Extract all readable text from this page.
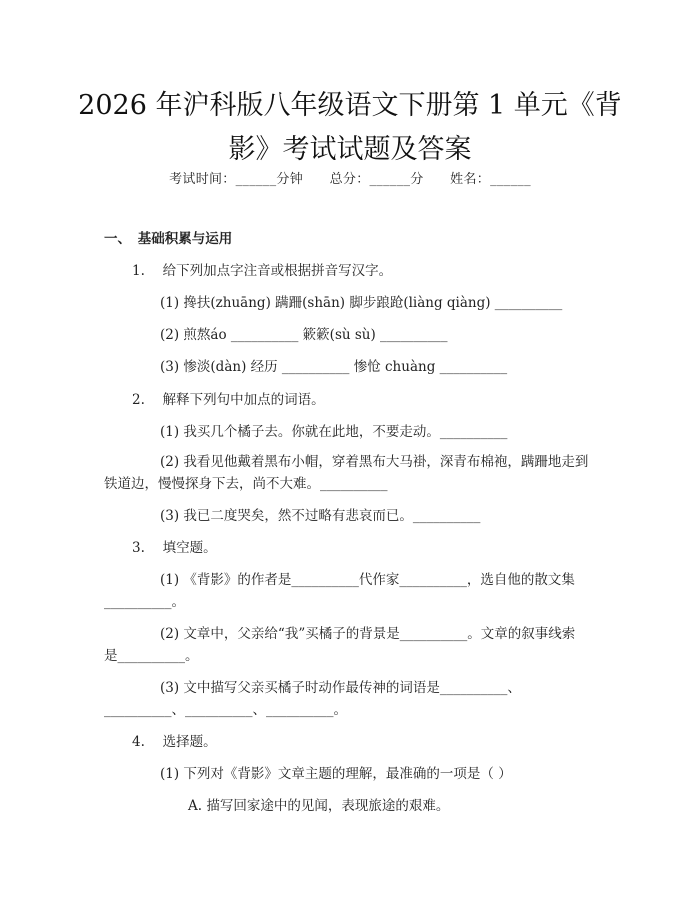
2026 年沪科版八年级语文下册第 1 单元《背
影》考试试题及答案
考试时间：______分钟      总分：______分      姓名：______
一、　基础积累与运用
1.　 给下列加点字注音或根据拼音写汉字。
(1) 搀扶(zhuāng) 蹒跚(shān) 脚步踉跄(liàng qiàng) __________
(2) 煎熬áo __________ 簌簌(sù sù) __________
(3) 惨淡(dàn) 经历 __________ 惨怆 chuàng __________
2.　 解释下列句中加点的词语。
(1) 我买几个橘子去。你就在此地，不要走动。__________
(2) 我看见他戴着黑布小帽，穿着黑布大马褂，深青布棉袍，蹒跚地走到
铁道边，慢慢探身下去，尚不大难。__________
(3) 我已二度哭矣，然不过略有悲哀而已。__________
3.　 填空题。
(1) 《背影》的作者是__________代作家__________，选自他的散文集
__________。
(2) 文章中，父亲给“我”买橘子的背景是__________。文章的叙事线索
是__________。
(3) 文中描写父亲买橘子时动作最传神的词语是__________、
__________、__________、__________。
4.　 选择题。
(1) 下列对《背影》文章主题的理解，最准确的一项是（ ）
A. 描写回家途中的见闻，表现旅途的艰难。
